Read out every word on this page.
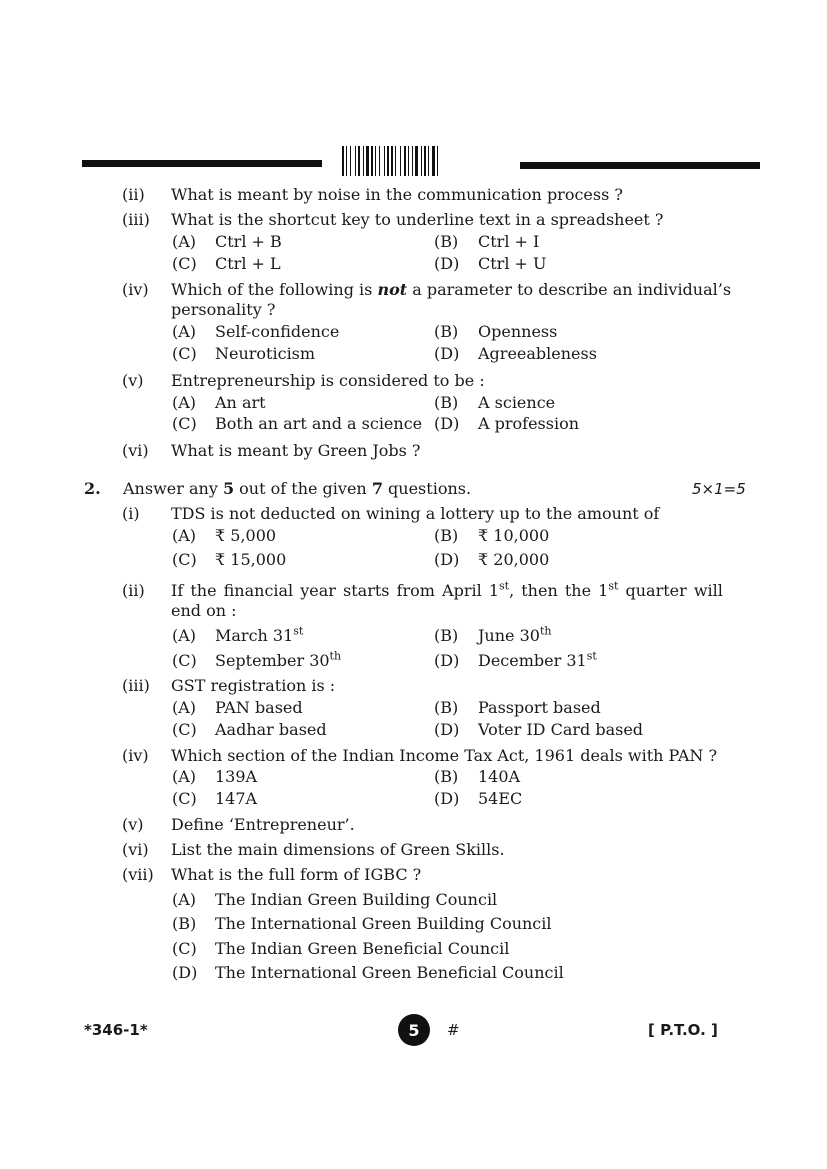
(ii) What is meant by noise in the communication process ?
(iii) What is the shortcut key to underline text in a spreadsheet ?
(A) Ctrl + B	(B) Ctrl + I
(C) Ctrl + L	(D) Ctrl + U
(iv) Which of the following is not a parameter to describe an individual’s
personality ?
(A) Self-confidence	(B) Openness
(C) Neuroticism	(D) Agreeableness
(v) Entrepreneurship is considered to be :
(A) An art	(B) A science
(C) Both an art and a science (D) A profession
(vi) What is meant by Green Jobs ?
2. Answer any 5 out of the given 7 questions.	5×1=5
(i) TDS is not deducted on wining a lottery up to the amount of
(A) ₹ 5,000	(B) ₹ 10,000
(C) ₹ 15,000	(D) ₹ 20,000
(ii) If the financial year starts from April 1st, then the 1st quarter will
end on :
(A) March 31st	(B) June 30th
(C) September 30th	(D) December 31st
(iii) GST registration is :
(A) PAN based	(B) Passport based
(C) Aadhar based	(D) Voter ID Card based
(iv) Which section of the Indian Income Tax Act, 1961 deals with PAN ?
(A) 139A	(B) 140A
(C) 147A	(D) 54EC
(v) Define ‘Entrepreneur’.
(vi) List the main dimensions of Green Skills.
(vii) What is the full form of IGBC ?
(A) The Indian Green Building Council
(B) The International Green Building Council
(C) The Indian Green Beneficial Council
(D) The International Green Beneficial Council
*346-1*	5	#	[ P.T.O. ]
